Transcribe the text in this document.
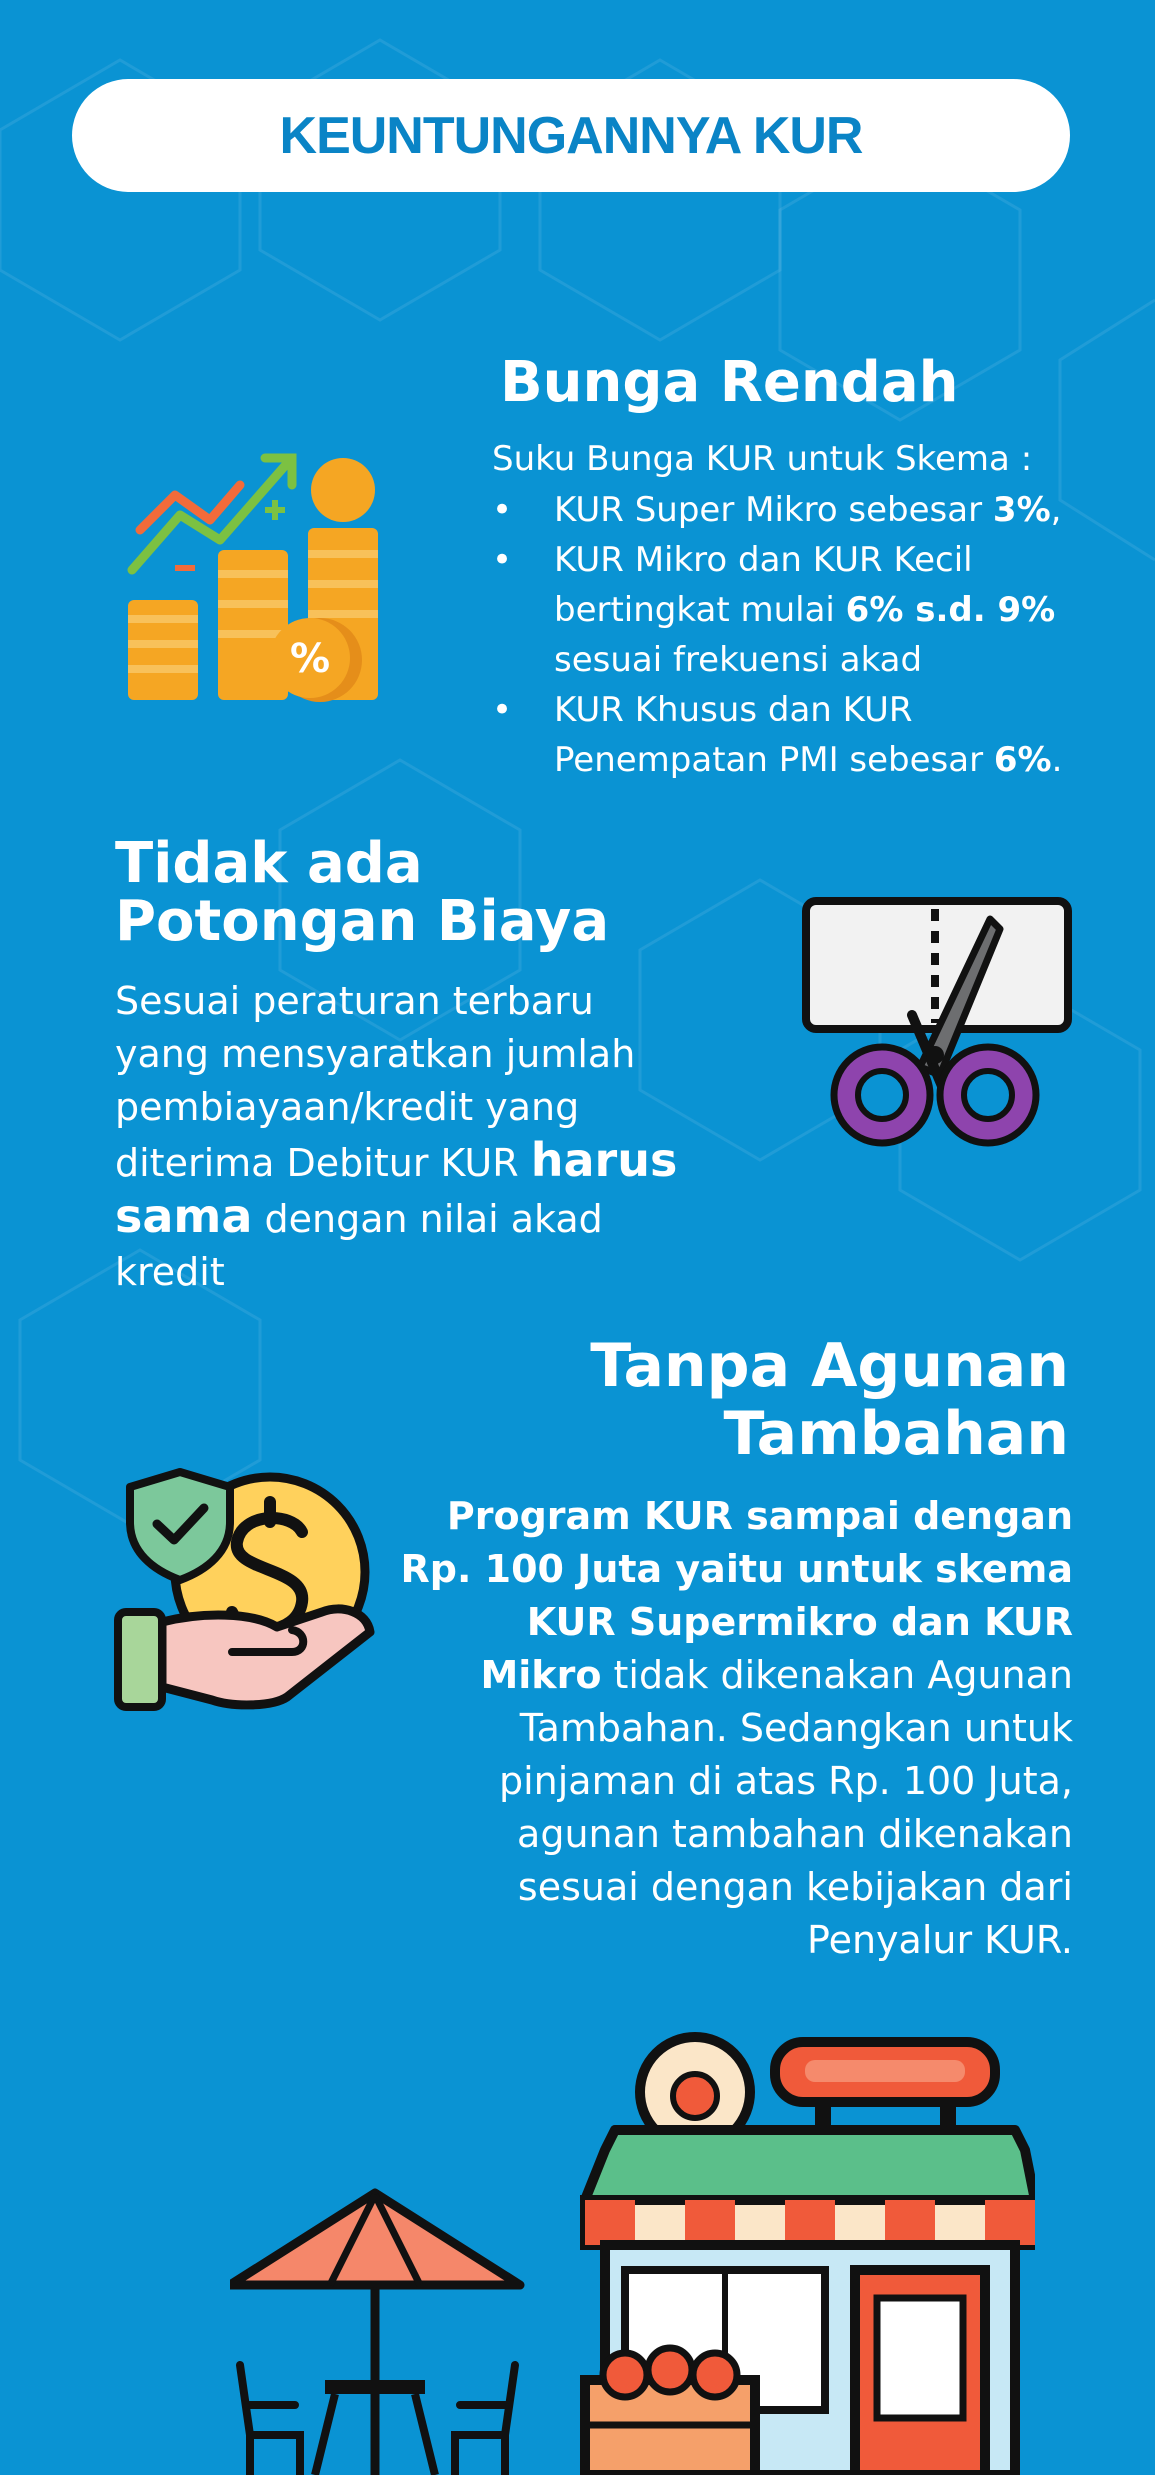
KEUNTUNGANNYA KUR
%
Bunga Rendah

Suku Bunga KUR untuk Skema :

• KUR Super Mikro sebesar 3%,
• KUR Mikro dan KUR Kecil bertingkat mulai 6% s.d. 9% sesuai frekuensi akad
• KUR Khusus dan KUR Penempatan PMI sebesar 6%.
Tidak ada
Potongan Biaya

Sesuai peraturan terbaru yang mensyaratkan jumlah pembiayaan/kredit yang diterima Debitur KUR harus sama dengan nilai akad kredit

Tanpa Agunan
Tambahan

Program KUR sampai dengan Rp. 100 Juta yaitu untuk skema KUR Supermikro dan KUR Mikro tidak dikenakan Agunan Tambahan. Sedangkan untuk pinjaman di atas Rp. 100 Juta, agunan tambahan dikenakan sesuai dengan kebijakan dari Penyalur KUR.
